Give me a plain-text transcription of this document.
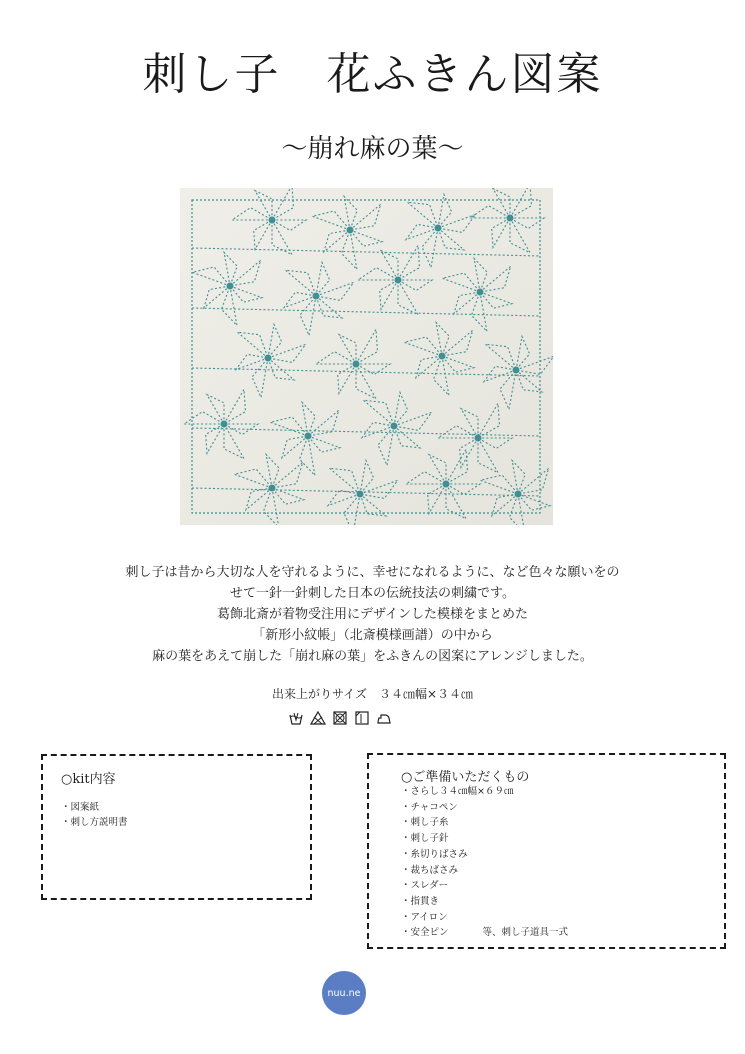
刺し子　花ふきん図案
〜崩れ麻の葉〜
刺し子は昔から大切な人を守れるように、幸せになれるように、など色々な願いをの
せて一針一針刺した日本の伝統技法の刺繍です。
葛飾北斎が着物受注用にデザインした模様をまとめた
「新形小紋帳」（北斎模様画譜）の中から
麻の葉をあえて崩した「崩れ麻の葉」をふきんの図案にアレンジしました。
出来上がりサイズ　３４㎝幅×３４㎝
○kit内容
・ 図案紙
・ 刺し方説明書
○ご準備いただくもの
・ さらし３４㎝幅×６９㎝
・ チャコペン
・ 刺し子糸
・ 刺し子針
・ 糸切りばさみ
・ 裁ちばさみ
・ スレダー
・ 指貫き
・ アイロン
・ 安全ピン	等、刺し子道具一式
nuu.ne
